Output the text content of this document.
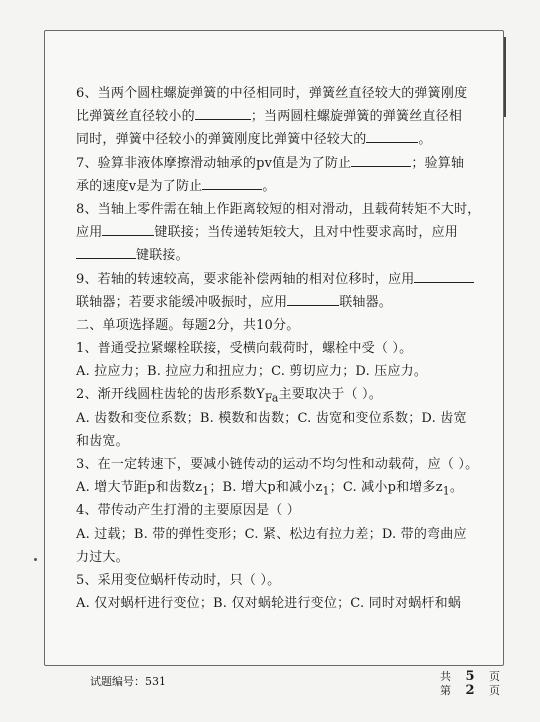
6、当两个圆柱螺旋弹簧的中径相同时，弹簧丝直径较大的弹簧刚度
比弹簧丝直径较小的	；当两圆柱螺旋弹簧的弹簧丝直径相
同时，弹簧中径较小的弹簧刚度比弹簧中径较大的	。
7、验算非液体摩擦滑动轴承的pv值是为了防止	；验算轴
承的速度v是为了防止	。
8、当轴上零件需在轴上作距离较短的相对滑动，且载荷转矩不大时，
应用	键联接；当传递转矩较大，且对中性要求高时，应用
键联接。
9、若轴的转速较高，要求能补偿两轴的相对位移时，应用
联轴器；若要求能缓冲吸振时，应用	联轴器。
二、单项选择题。每题2分，共10分。
1、普通受拉紧螺栓联接，受横向载荷时，螺栓中受（ ）。
A. 拉应力；B. 拉应力和扭应力；C. 剪切应力；D. 压应力。
2、渐开线圆柱齿轮的齿形系数$Y_{Fa}$主要取决于（ ）。
A. 齿数和变位系数；B. 模数和齿数；C. 齿宽和变位系数；D. 齿宽
和齿宽。
3、在一定转速下，要减小链传动的运动不均匀性和动载荷，应（ ）。
A. 增大节距p和齿数$z_1$；B. 增大p和减小$z_1$；C. 减小p和增多$z_1$。
4、带传动产生打滑的主要原因是（ ）
A. 过载；B. 带的弹性变形；C. 紧、松边有拉力差；D. 带的弯曲应
力过大。
5、采用变位蜗杆传动时，只（ ）。
A. 仅对蜗杆进行变位；B. 仅对蜗轮进行变位；C. 同时对蜗杆和蜗
试题编号：531	共 5 页
第 2 页
